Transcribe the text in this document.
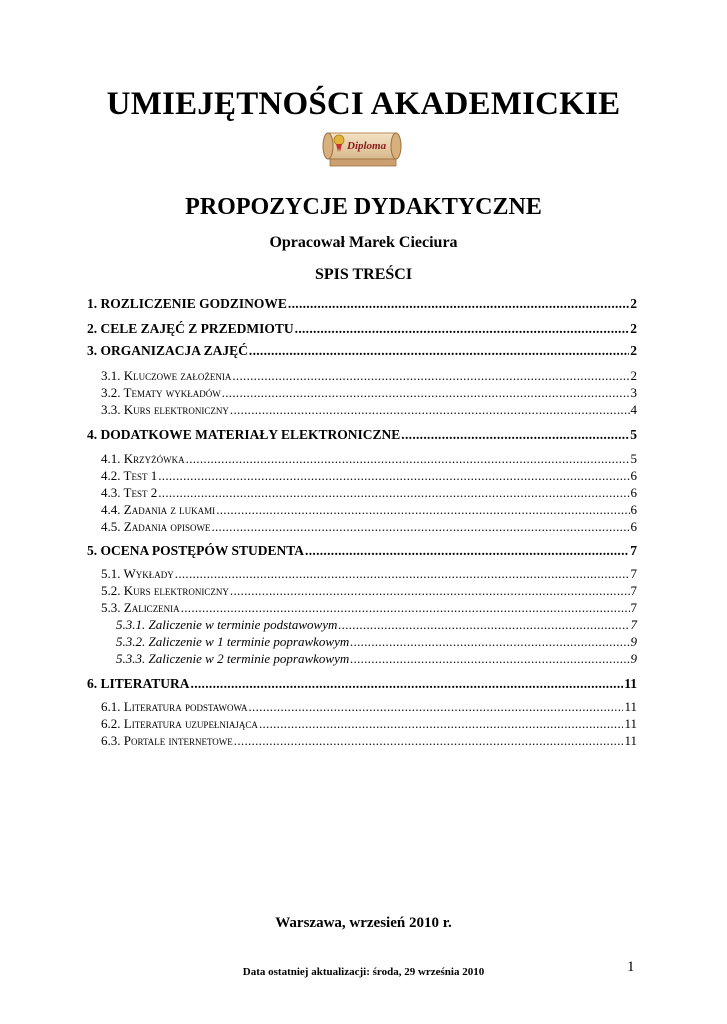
UMIEJĘTNOŚCI AKADEMICKIE
Diploma
PROPOZYCJE DYDAKTYCZNE
Opracował Marek Cieciura
SPIS TREŚCI
1. ROZLICZENIE GODZINOWE .....	2
2. CELE ZAJĘĆ Z PRZEDMIOTU .....	2
3. ORGANIZACJA ZAJĘĆ .....	2
3.1. Kluczowe założenia .....	2
3.2. Tematy wykładów .....	3
3.3. Kurs elektroniczny .....	4
4. DODATKOWE MATERIAŁY ELEKTRONICZNE .....	5
4.1. Krzyżówka .....	5
4.2. Test 1 .....	6
4.3. Test 2 .....	6
4.4. Zadania z lukami .....	6
4.5. Zadania opisowe .....	6
5. OCENA POSTĘPÓW STUDENTA .....	7
5.1. Wykłady .....	7
5.2. Kurs elektroniczny .....	7
5.3. Zaliczenia .....	7
5.3.1. Zaliczenie w terminie podstawowym .....	7
5.3.2. Zaliczenie w 1 terminie poprawkowym .....	9
5.3.3. Zaliczenie w 2 terminie poprawkowym .....	9
6. LITERATURA .....	11
6.1. Literatura podstawowa .....	11
6.2. Literatura uzupełniająca .....	11
6.3. Portale internetowe .....	11
Warszawa, wrzesień 2010 r.
Data ostatniej aktualizacji: środa, 29 września 2010	1
